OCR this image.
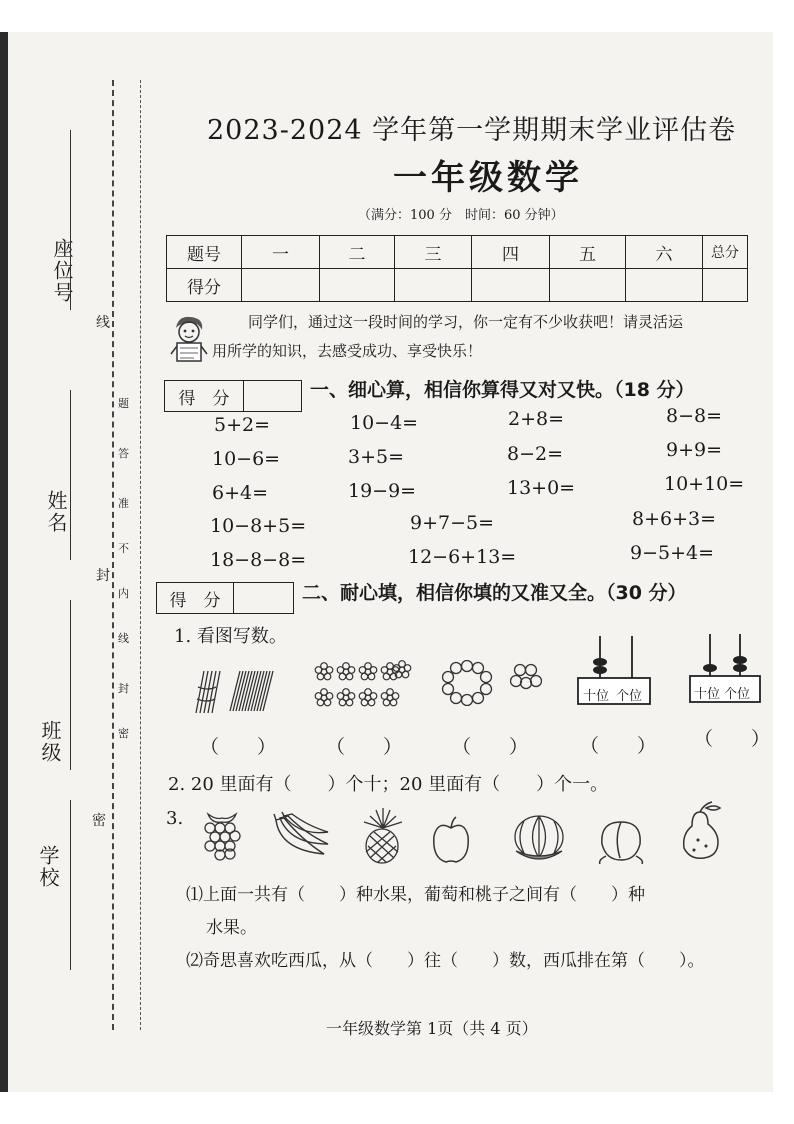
座位号
姓名
班级
学校
题
答
准
不
内
线
封
密
线
封
密
2023-2024 学年第一学期期末学业评估卷
一年级数学
（满分：100 分　时间：60 分钟）
题号	一	二	三	四	五	六	总分
得分							
同学们，通过这一段时间的学习，你一定有不少收获吧！请灵活运
用所学的知识，去感受成功、享受快乐！
得　分	一、细心算，相信你算得又对又快。（18 分）
5+2=	10−4=	2+8=	8−8=
10−6=	3+5=	8−2=	9+9=
6+4=	19−9=	13+0=	10+10=
10−8+5=	9+7−5=	8+6+3=
18−8−8=	12−6+13=	9−5+4=
得　分	二、耐心填，相信你填的又准又全。（30 分）
1. 看图写数。
十位 个位	十位 个位
（　　）	（　　）	（　　）	（　　） （　　）
2. 20 里面有（　　）个十；20 里面有（　　）个一。
3.
⑴上面一共有（　　）种水果，葡萄和桃子之间有（　　）种
水果。
⑵奇思喜欢吃西瓜，从（　　）往（　　）数，西瓜排在第（　　）。
一年级数学第 1页（共 4 页）
